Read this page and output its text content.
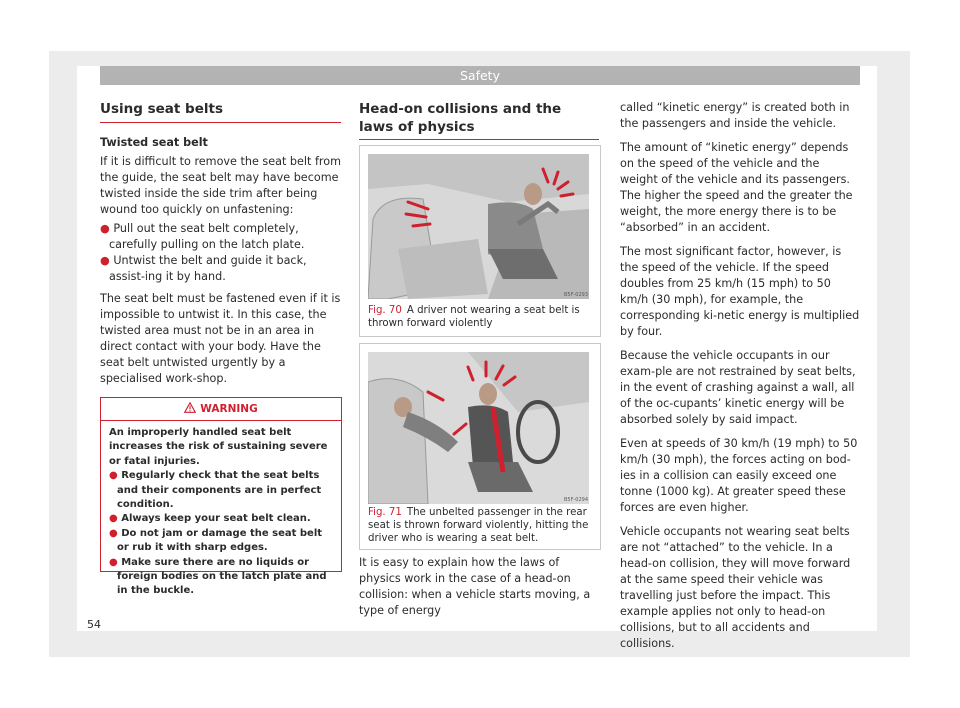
Safety
Using seat belts

Twisted seat belt

If it is difficult to remove the seat belt from the guide, the seat belt may have become twisted inside the side trim after being wound too quickly on unfastening:

● Pull out the seat belt completely, carefully pulling on the latch plate.
● Untwist the belt and guide it back, assist-ing it by hand.

The seat belt must be fastened even if it is impossible to untwist it. In this case, the twisted area must not be in an area in direct contact with your body. Have the seat belt untwisted urgently by a specialised work-shop.

WARNING

An improperly handled seat belt increases the risk of sustaining severe or fatal injuries.

● Regularly check that the seat belts and their components are in perfect condition.
● Always keep your seat belt clean.
● Do not jam or damage the seat belt or rub it with sharp edges.
● Make sure there are no liquids or foreign bodies on the latch plate and in the buckle.
Head-on collisions and the laws of physics
B5F-0293
Fig. 70 A driver not wearing a seat belt is thrown forward violently
B5F-0294
Fig. 71 The unbelted passenger in the rear seat is thrown forward violently, hitting the driver who is wearing a seat belt.

It is easy to explain how the laws of physics work in the case of a head-on collision: when a vehicle starts moving, a type of energy

called “kinetic energy” is created both in the passengers and inside the vehicle.

The amount of “kinetic energy” depends on the speed of the vehicle and the weight of the vehicle and its passengers. The higher the speed and the greater the weight, the more energy there is to be “absorbed” in an accident.

The most significant factor, however, is the speed of the vehicle. If the speed doubles from 25 km/h (15 mph) to 50 km/h (30 mph), for example, the corresponding ki-netic energy is multiplied by four.

Because the vehicle occupants in our exam-ple are not restrained by seat belts, in the event of crashing against a wall, all of the oc-cupants’ kinetic energy will be absorbed solely by said impact.

Even at speeds of 30 km/h (19 mph) to 50 km/h (30 mph), the forces acting on bod-ies in a collision can easily exceed one tonne (1000 kg). At greater speed these forces are even higher.

Vehicle occupants not wearing seat belts are not “attached” to the vehicle. In a head-on collision, they will move forward at the same speed their vehicle was travelling just before the impact. This example applies not only to head-on collisions, but to all accidents and collisions.

54
